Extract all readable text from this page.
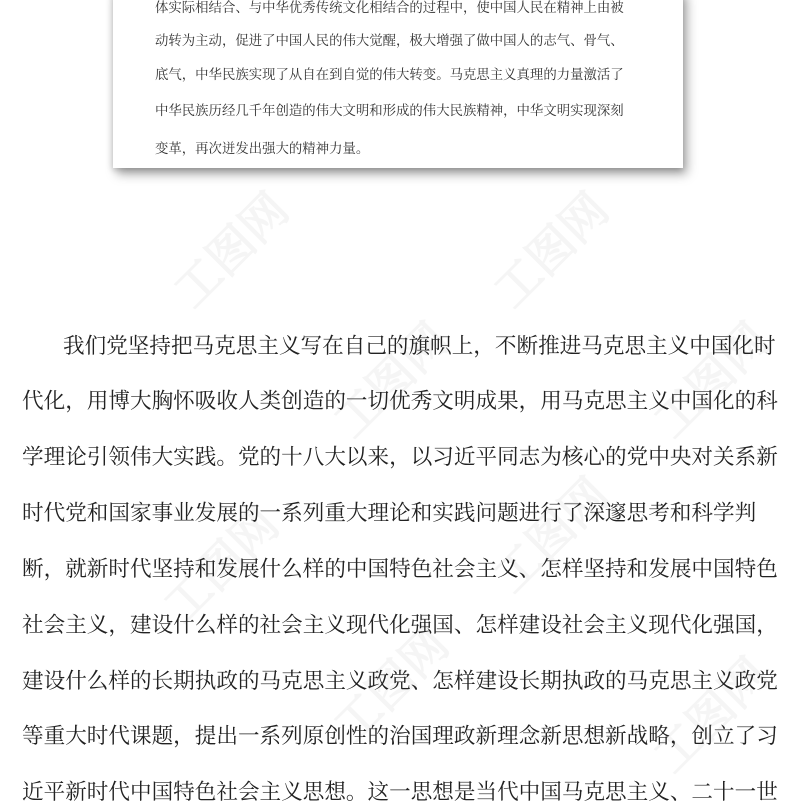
工图网	工图网
工图网	工图网
工图网
工图网
工图网	工图网
体实际相结合、与中华优秀传统文化相结合的过程中，使中国人民在精神上由被
动转为主动，促进了中国人民的伟大觉醒，极大增强了做中国人的志气、骨气、
底气，中华民族实现了从自在到自觉的伟大转变。马克思主义真理的力量激活了
中华民族历经几千年创造的伟大文明和形成的伟大民族精神，中华文明实现深刻
变革，再次迸发出强大的精神力量。
我们党坚持把马克思主义写在自己的旗帜上，不断推进马克思主义中国化时
代化，用博大胸怀吸收人类创造的一切优秀文明成果，用马克思主义中国化的科
学理论引领伟大实践。党的十八大以来，以习近平同志为核心的党中央对关系新
时代党和国家事业发展的一系列重大理论和实践问题进行了深邃思考和科学判
断，就新时代坚持和发展什么样的中国特色社会主义、怎样坚持和发展中国特色
社会主义，建设什么样的社会主义现代化强国、怎样建设社会主义现代化强国，
建设什么样的长期执政的马克思主义政党、怎样建设长期执政的马克思主义政党
等重大时代课题，提出一系列原创性的治国理政新理念新思想新战略，创立了习
近平新时代中国特色社会主义思想。这一思想是当代中国马克思主义、二十一世
